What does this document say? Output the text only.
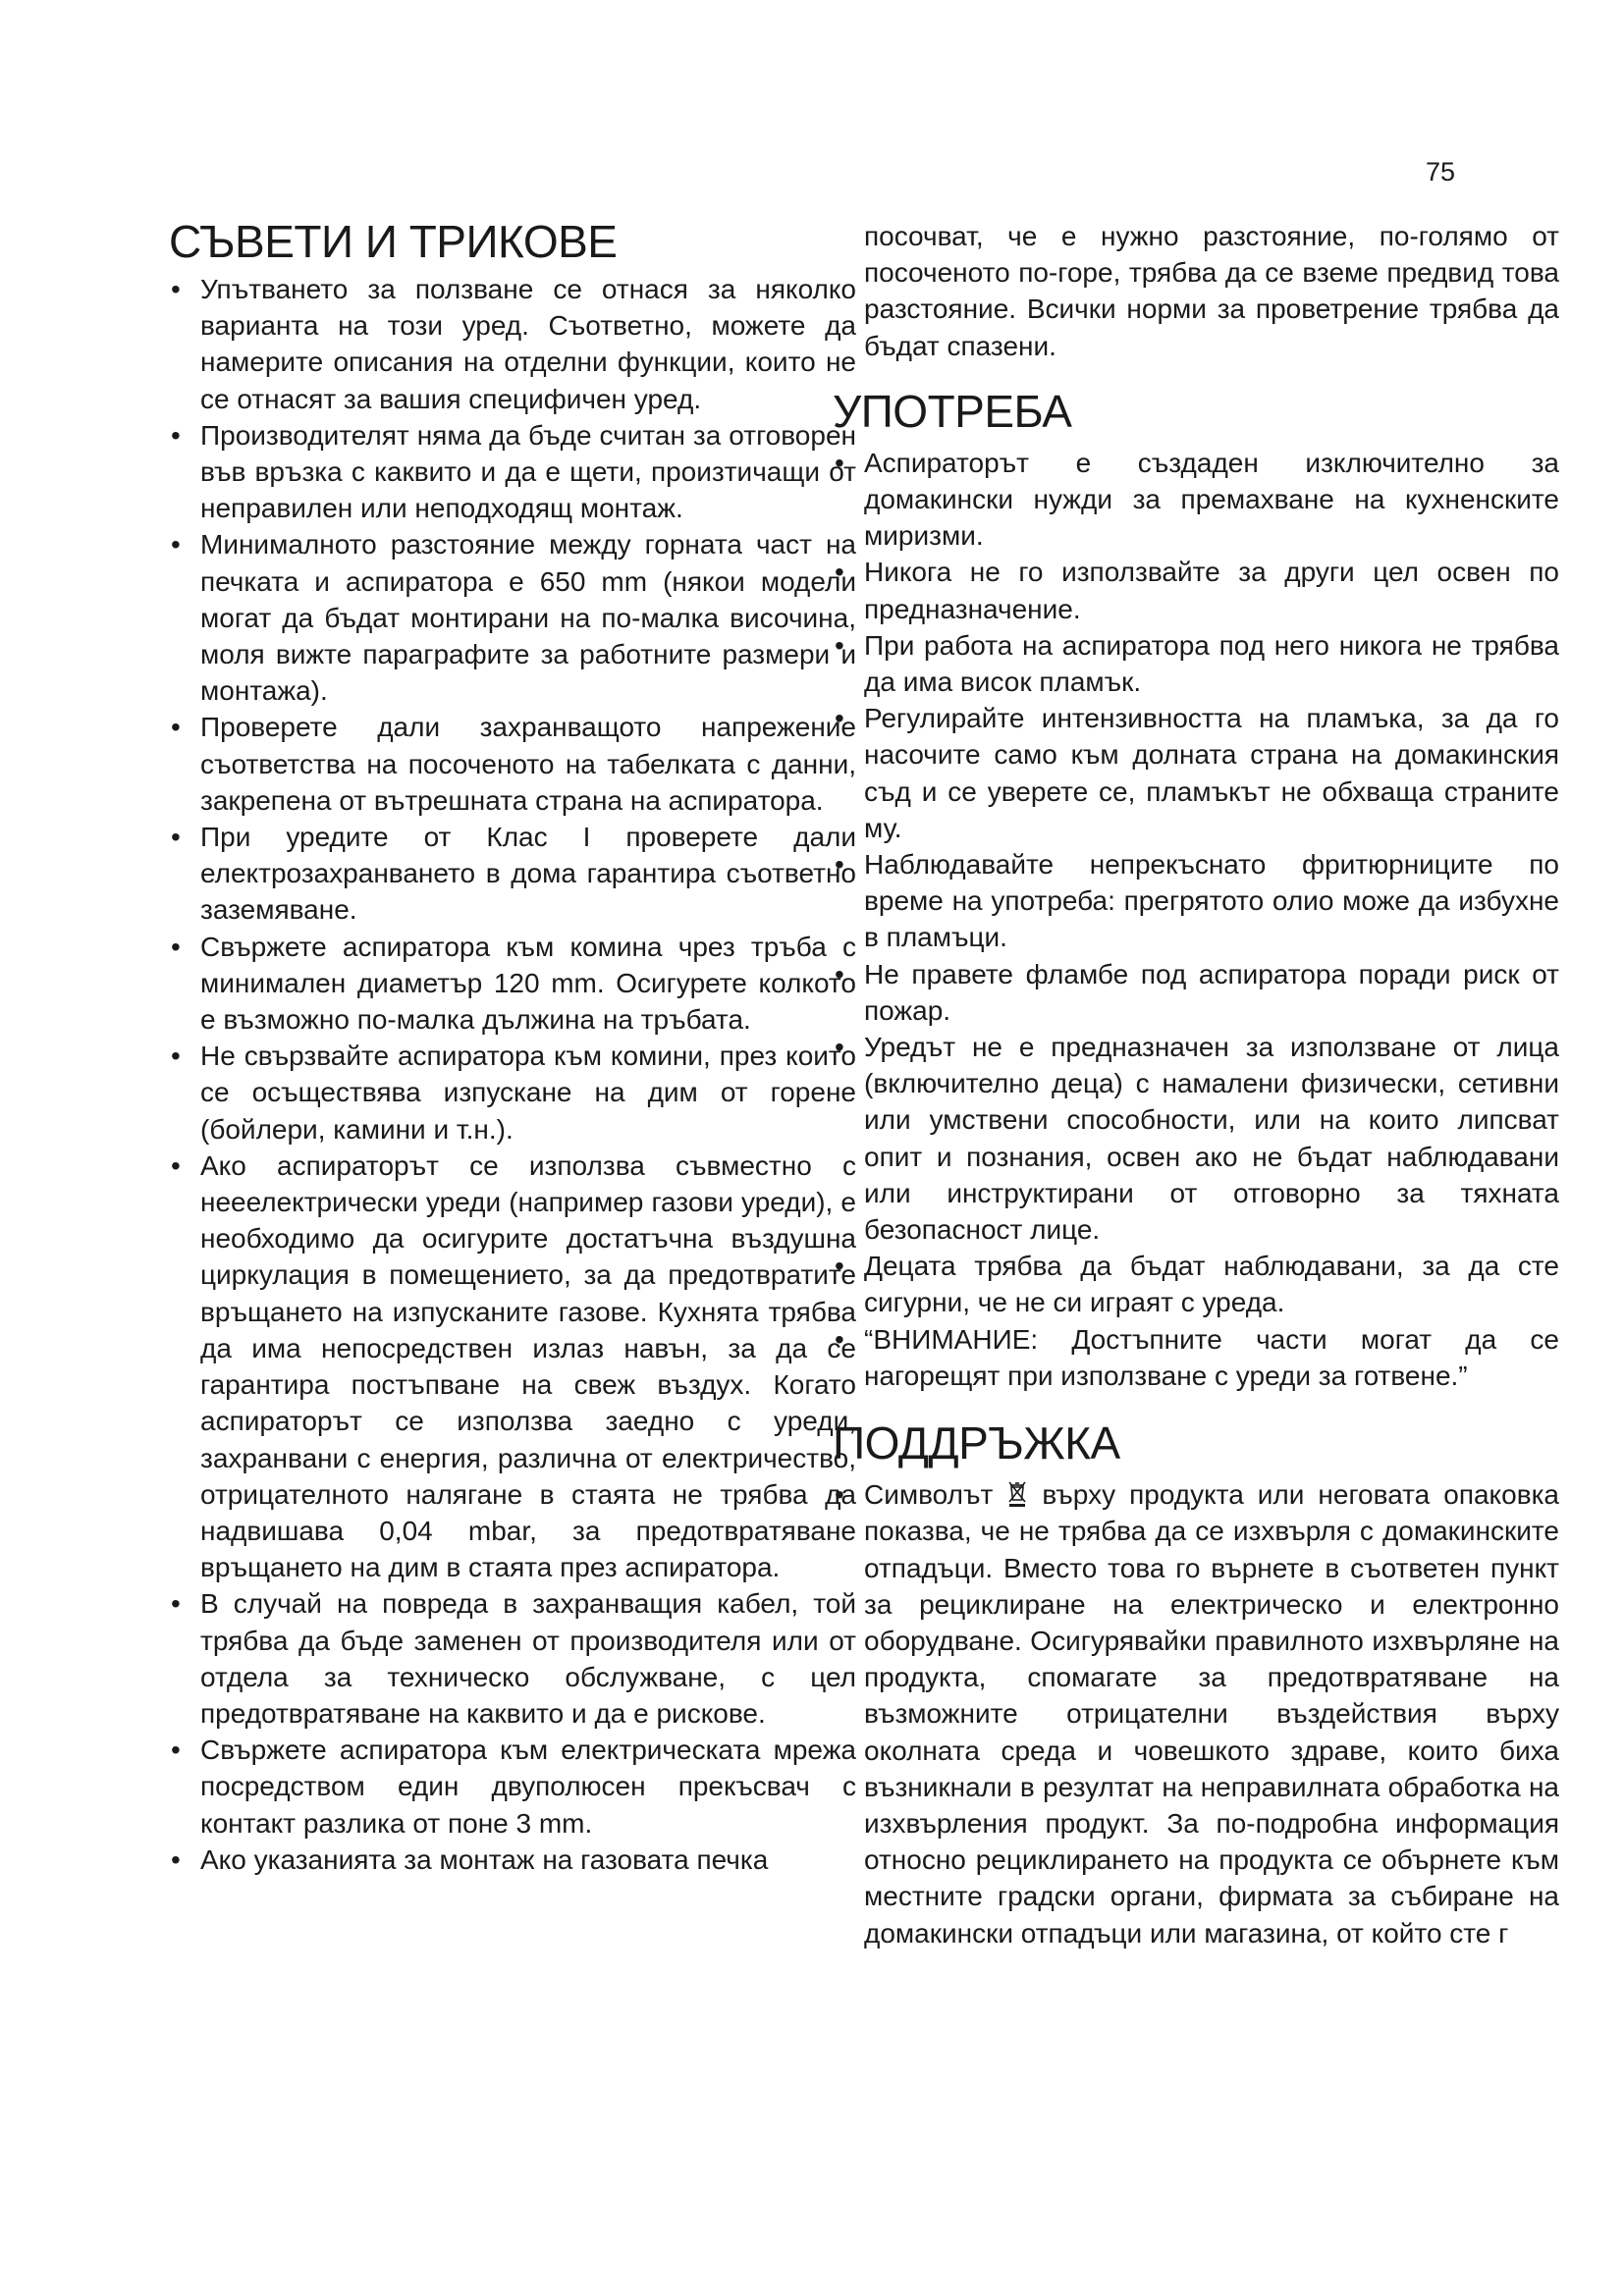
75
СЪВЕТИ И ТРИКОВЕ
• Упътването за ползване се отнася за няколко варианта на този уред. Съответно, можете да намерите описания на отделни функции, които не се отнасят за вашия специфичен уред.
• Производителят няма да бъде считан за отговорен във връзка с каквито и да е щети, произтичащи от неправилен или неподходящ монтаж.
• Минималното разстояние между горната част на печката и аспиратора е 650 mm (някои модели могат да бъдат монтирани на по-малка височина, моля вижте параграфите за работните размери и монтажа).
• Проверете дали захранващото напрежение съответства на посоченото на табелката с данни, закрепена от вътрешната страна на аспиратора.
• При уредите от Клас I проверете дали електрозахранването в дома гарантира съответно заземяване.
• Свържете аспиратора към комина чрез тръба с минимален диаметър 120 mm. Осигурете колкото е възможно по-малка дължина на тръбата.
• Не свързвайте аспиратора към комини, през които се осъществява изпускане на дим от горене (бойлери, камини и т.н.).
• Ако аспираторът се използва съвместно с нееелектрически уреди (например газови уреди), е необходимо да осигурите достатъчна въздушна циркулация в помещението, за да предотвратите връщането на изпусканите газове. Кухнята трябва да има непосредствен излаз навън, за да се гарантира постъпване на свеж въздух. Когато аспираторът се използва заедно с уреди, захранвани с енергия, различна от електричество, отрицателното налягане в стаята не трябва да надвишава 0,04 mbar, за предотвратяване връщането на дим в стаята през аспиратора.
• В случай на повреда в захранващия кабел, той трябва да бъде заменен от производителя или от отдела за техническо обслужване, с цел предотвратяване на каквито и да е рискове.
• Свържете аспиратора към електрическата мрежа посредством един двуполюсен прекъсвач с контакт разлика от поне 3 mm.
• Ако указанията за монтаж на газовата печка

посочват, че е нужно разстояние, по-голямо от посоченото по-горе, трябва да се вземе предвид това разстояние. Всички норми за проветрение трябва да бъдат спазени.

УПОТРЕБА
• Аспираторът е създаден изключително за домакински нужди за премахване на кухненските миризми.
• Никога не го използвайте за други цел освен по предназначение.
• При работа на аспиратора под него никога не трябва да има висок пламък.
• Регулирайте интензивността на пламъка, за да го насочите само към долната страна на домакинския съд и се уверете се, пламъкът не обхваща страните му.
• Наблюдавайте непрекъснато фритюрниците по време на употреба: прегрятото олио може да избухне в пламъци.
• Не правете фламбе под аспиратора поради риск от пожар.
• Уредът не е предназначен за използване от лица (включително деца) с намалени физически, сетивни или умствени способности, или на които липсват опит и познания, освен ако не бъдат наблюдавани или инструктирани от отговорно за тяхната безопасност лице.
• Децата трябва да бъдат наблюдавани, за да сте сигурни, че не си играят с уреда.
• “ВНИМАНИЕ: Достъпните части могат да се нагорещят при използване с уреди за готвене.”
ПОДДРЪЖКА
• Символът върху продукта или неговата опаковка показва, че не трябва да се изхвърля с домакинските отпадъци. Вместо това го върнете в съответен пункт за рециклиране на електрическо и електронно оборудване. Осигурявайки правилното изхвърляне на продукта, спомагате за предотвратяване на възможните отрицателни въздействия върху околната среда и човешкото здраве, които биха възникнали в резултат на неправилната обработка на изхвърления продукт. За по-подробна информация относно рециклирането на продукта се обърнете към местните градски органи, фирмата за събиране на домакински отпадъци или магазина, от който сте г
